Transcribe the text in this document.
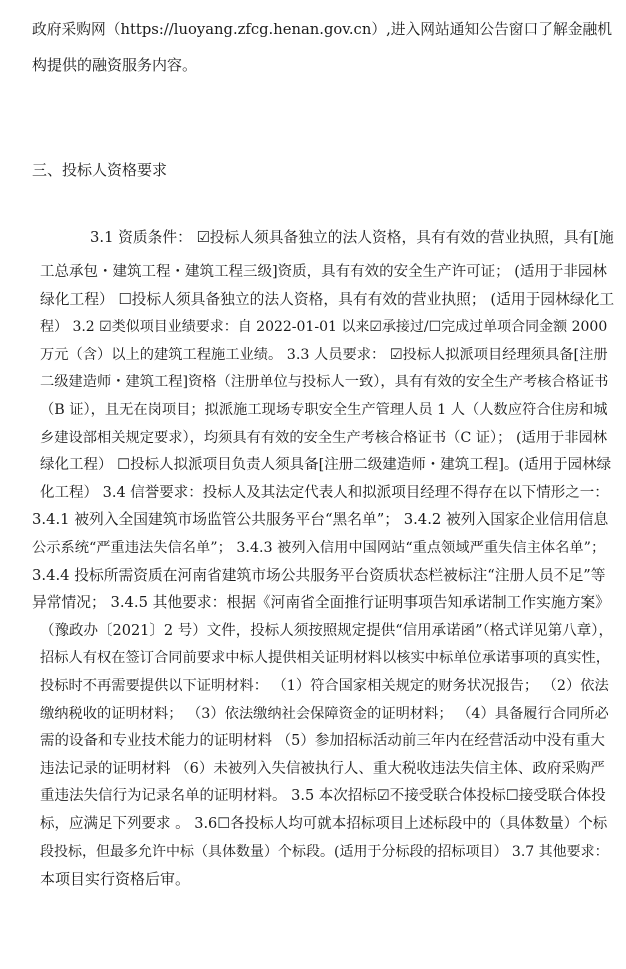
政府采购网（https://luoyang.zfcg.henan.gov.cn）,进入网站通知公告窗口了解金融机
构提供的融资服务内容。
三、投标人资格要求
3.1 资质条件： ☑投标人须具备独立的法人资格，具有有效的营业执照，具有[施
工总承包・建筑工程・建筑工程三级]资质，具有有效的安全生产许可证； (适用于非园林
绿化工程） ☐投标人须具备独立的法人资格，具有有效的营业执照； (适用于园林绿化工
程） 3.2 ☑类似项目业绩要求：自 2022-01-01 以来☑承接过/☐完成过单项合同金额 2000
万元（含）以上的建筑工程施工业绩。 3.3 人员要求： ☑投标人拟派项目经理须具备[注册
二级建造师・建筑工程]资格（注册单位与投标人一致），具有有效的安全生产考核合格证书
（B 证），且无在岗项目；拟派施工现场专职安全生产管理人员 1 人（人数应符合住房和城
乡建设部相关规定要求），均须具有有效的安全生产考核合格证书（C 证）； (适用于非园林
绿化工程） ☐投标人拟派项目负责人须具备[注册二级建造师・建筑工程]。(适用于园林绿
化工程） 3.4 信誉要求：投标人及其法定代表人和拟派项目经理不得存在以下情形之一：
3.4.1 被列入全国建筑市场监管公共服务平台“黑名单”； 3.4.2 被列入国家企业信用信息
公示系统“严重违法失信名单”； 3.4.3 被列入信用中国网站“重点领域严重失信主体名单”；
3.4.4 投标所需资质在河南省建筑市场公共服务平台资质状态栏被标注“注册人员不足”等
异常情况； 3.4.5 其他要求：根据《河南省全面推行证明事项告知承诺制工作实施方案》
（豫政办〔2021〕2 号）文件，投标人须按照规定提供“信用承诺函”（格式详见第八章），
招标人有权在签订合同前要求中标人提供相关证明材料以核实中标单位承诺事项的真实性，
投标时不再需要提供以下证明材料： （1）符合国家相关规定的财务状况报告； （2）依法
缴纳税收的证明材料； （3）依法缴纳社会保障资金的证明材料； （4）具备履行合同所必
需的设备和专业技术能力的证明材料 （5）参加招标活动前三年内在经营活动中没有重大
违法记录的证明材料 （6）未被列入失信被执行人、重大税收违法失信主体、政府采购严
重违法失信行为记录名单的证明材料。 3.5 本次招标☑不接受联合体投标☐接受联合体投
标，应满足下列要求 。 3.6☐各投标人均可就本招标项目上述标段中的（具体数量）个标
段投标，但最多允许中标（具体数量）个标段。(适用于分标段的招标项目） 3.7 其他要求：
本项目实行资格后审。
